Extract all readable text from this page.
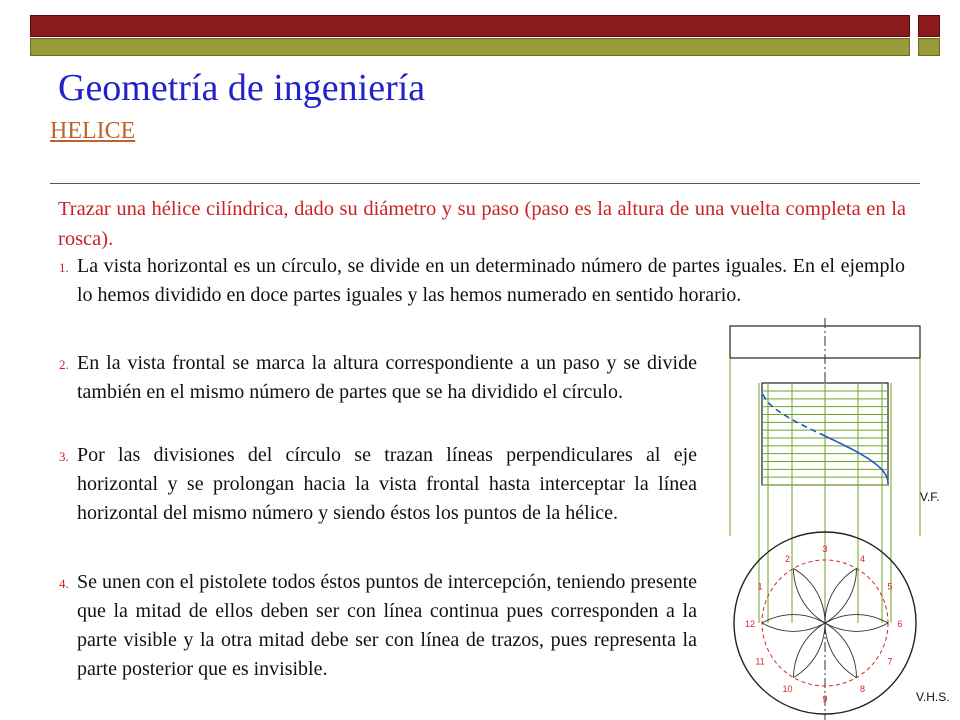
Geometría de ingeniería
HELICE
Trazar una hélice cilíndrica, dado su diámetro y su paso (paso es la altura de una vuelta completa en la rosca).
1. La vista horizontal es un círculo, se divide en un determinado número de partes iguales. En el ejemplo lo hemos dividido en doce partes iguales y las hemos numerado en sentido horario.
2. En la vista frontal se marca la altura correspondiente a un paso y se divide también en el mismo número de partes que se ha dividido el círculo.
3. Por las divisiones del círculo se trazan líneas perpendiculares al eje horizontal y se prolongan hacia la vista frontal hasta interceptar la línea horizontal del mismo número y siendo éstos los puntos de la hélice.
4. Se unen con el pistolete todos éstos puntos de intercepción, teniendo presente que la mitad de ellos deben ser con línea continua pues corresponden a la parte visible y la otra mitad debe ser con línea de trazos, pues representa la parte posterior que es invisible.
1
2
3
4
5
6
7
8
9
10
11
12
V.F.
V.H.S.
